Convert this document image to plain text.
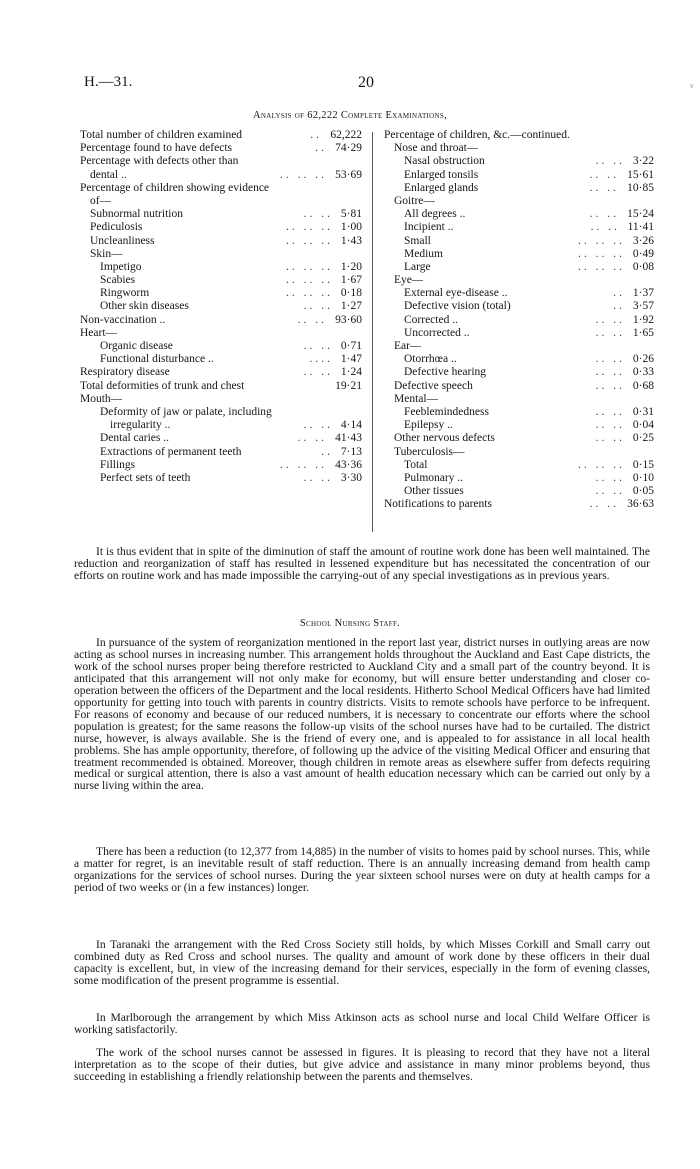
H.—31.	20	v
Analysis of 62,222 Complete Examinations,
Total number of children examined	.. 62,222
Percentage found to have defects	.. 74·29
Percentage with defects other than
dental ..	.. .. .. 53·69
Percentage of children showing evidence
of—
Subnormal nutrition	.. .. 5·81
Pediculosis	.. .. .. 1·00
Uncleanliness	.. .. .. 1·43
Skin—
Impetigo	.. .. .. 1·20
Scabies	.. .. .. 1·67
Ringworm	.. .. .. 0·18
Other skin diseases	.. .. 1·27
Non-vaccination ..	.. .. 93·60
Heart—
Organic disease	.. .. 0·71
Functional disturbance ..	.... 1·47
Respiratory disease	.. .. 1·24
Total deformities of trunk and chest	19·21
Mouth—
Deformity of jaw or palate, including
irregularity ..	.. .. 4·14
Dental caries ..	.. .. 41·43
Extractions of permanent teeth	.. 7·13
Fillings	.. .. .. 43·36
Perfect sets of teeth	.. .. 3·30
Percentage of children, &c.—continued.
Nose and throat—
Nasal obstruction	.. .. 3·22
Enlarged tonsils	.. .. 15·61
Enlarged glands	.. .. 10·85
Goitre—
All degrees ..	.. .. 15·24
Incipient ..	.. .. 11·41
Small	.. .. .. 3·26
Medium	.. .. .. 0·49
Large	.. .. .. 0·08
Eye—
External eye-disease ..	.. 1·37
Defective vision (total)	.. 3·57
Corrected ..	.. .. 1·92
Uncorrected ..	.. .. 1·65
Ear—
Otorrhœa ..	.. .. 0·26
Defective hearing	.. .. 0·33
Defective speech	.. .. 0·68
Mental—
Feeblemindedness	.. .. 0·31
Epilepsy ..	.. .. 0·04
Other nervous defects	.. .. 0·25
Tuberculosis—
Total	.. .. .. 0·15
Pulmonary ..	.. .. 0·10
Other tissues	.. .. 0·05
Notifications to parents	.. .. 36·63

It is thus evident that in spite of the diminution of staff the amount of routine work done has been well maintained. The reduction and reorganization of staff has resulted in lessened expenditure but has necessitated the concentration of our efforts on routine work and has made impossible the carrying-out of any special investigations as in previous years.

School Nursing Staff.

In pursuance of the system of reorganization mentioned in the report last year, district nurses in outlying areas are now acting as school nurses in increasing number. This arrangement holds throughout the Auckland and East Cape districts, the work of the school nurses proper being therefore restricted to Auckland City and a small part of the country beyond. It is anticipated that this arrangement will not only make for economy, but will ensure better understanding and closer co-operation between the officers of the Department and the local residents. Hitherto School Medical Officers have had limited opportunity for getting into touch with parents in country districts. Visits to remote schools have perforce to be infrequent. For reasons of economy and because of our reduced numbers, it is necessary to concentrate our efforts where the school population is greatest; for the same reasons the follow-up visits of the school nurses have had to be curtailed. The district nurse, however, is always available. She is the friend of every one, and is appealed to for assistance in all local health problems. She has ample opportunity, therefore, of following up the advice of the visiting Medical Officer and ensuring that treatment recommended is obtained. Moreover, though children in remote areas as elsewhere suffer from defects requiring medical or surgical attention, there is also a vast amount of health education necessary which can be carried out only by a nurse living within the area.

There has been a reduction (to 12,377 from 14,885) in the number of visits to homes paid by school nurses. This, while a matter for regret, is an inevitable result of staff reduction. There is an annually increasing demand from health camp organizations for the services of school nurses. During the year sixteen school nurses were on duty at health camps for a period of two weeks or (in a few instances) longer.

In Taranaki the arrangement with the Red Cross Society still holds, by which Misses Corkill and Small carry out combined duty as Red Cross and school nurses. The quality and amount of work done by these officers in their dual capacity is excellent, but, in view of the increasing demand for their services, especially in the form of evening classes, some modification of the present programme is essential.

In Marlborough the arrangement by which Miss Atkinson acts as school nurse and local Child Welfare Officer is working satisfactorily.

The work of the school nurses cannot be assessed in figures. It is pleasing to record that they have not a literal interpretation as to the scope of their duties, but give advice and assistance in many minor problems beyond, thus succeeding in establishing a friendly relationship between the parents and themselves.
